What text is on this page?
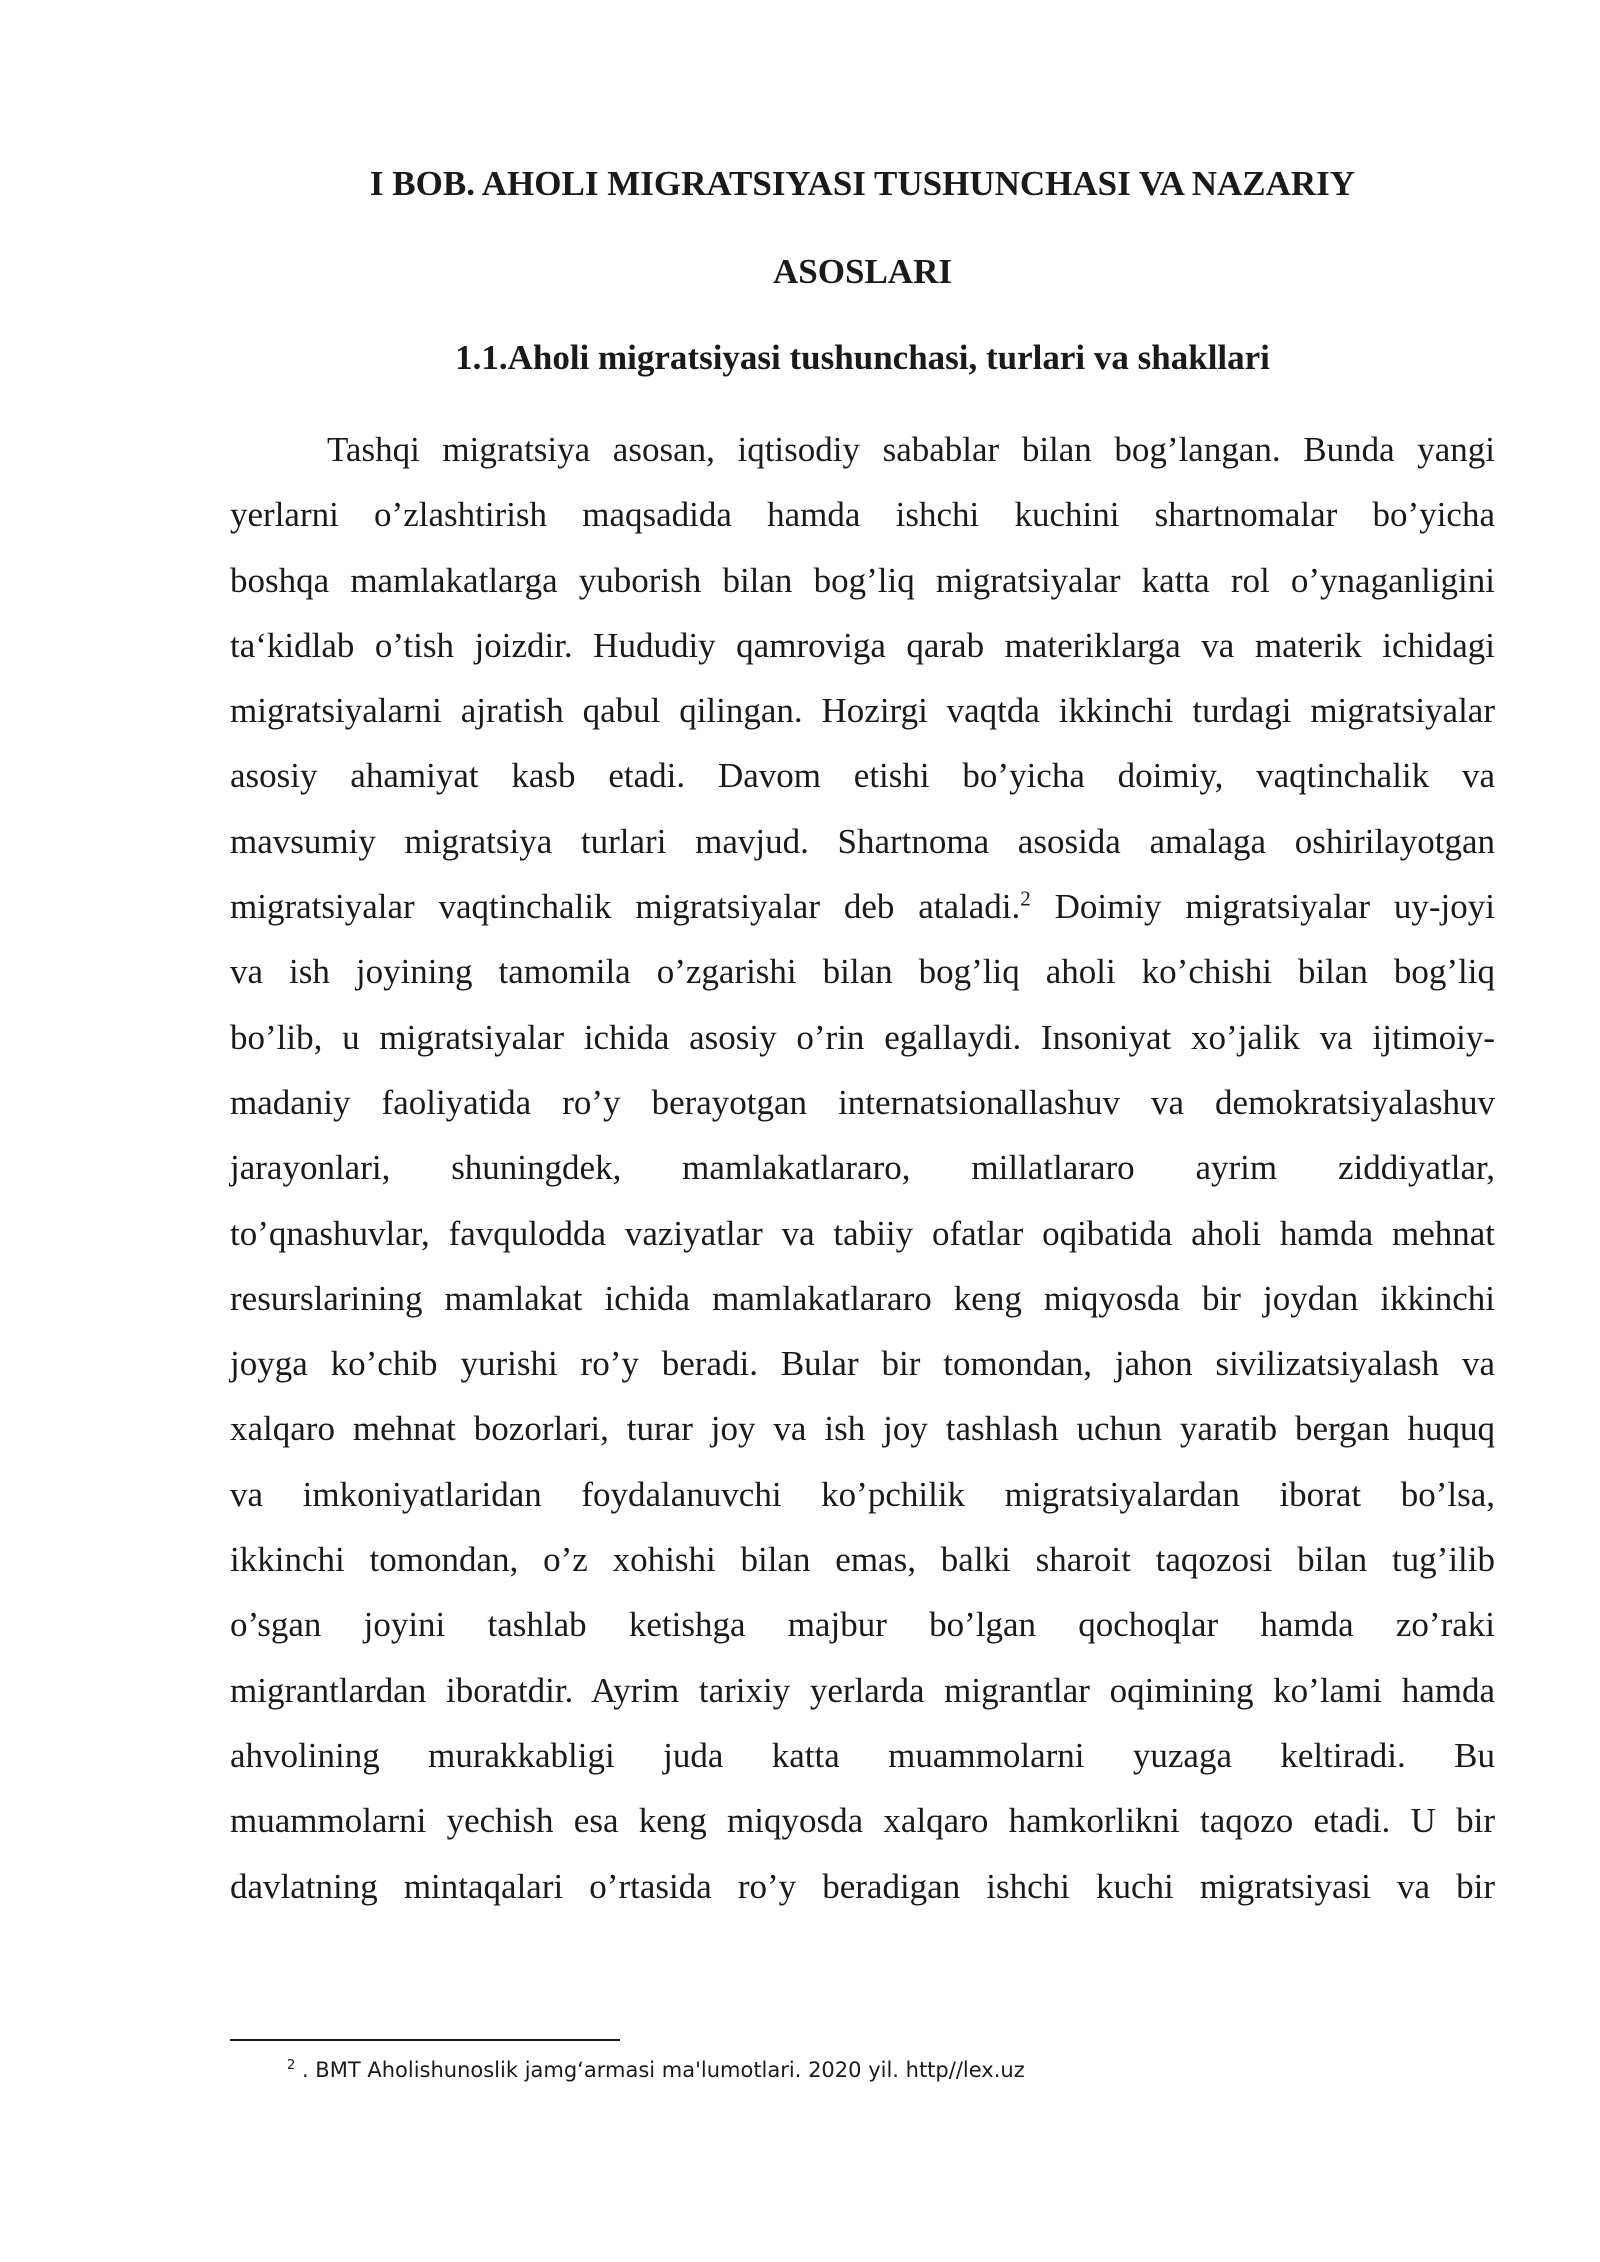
I BOB. AHOLI MIGRATSIYASI TUSHUNCHASI VA NAZARIY
ASOSLARI
1.1.Aholi migratsiyasi tushunchasi, turlari va shakllari
Tashqi migratsiya asosan, iqtisodiy sabablar bilan bog’langan. Bunda yangi
yerlarni o’zlashtirish maqsadida hamda ishchi kuchini shartnomalar bo’yicha
boshqa mamlakatlarga yuborish bilan bog’liq migratsiyalar katta rol o’ynaganligini
ta‘kidlab o’tish joizdir. Hududiy qamroviga qarab materiklarga va materik ichidagi
migratsiyalarni ajratish qabul qilingan. Hozirgi vaqtda ikkinchi turdagi migratsiyalar
asosiy ahamiyat kasb etadi. Davom etishi bo’yicha doimiy, vaqtinchalik va
mavsumiy migratsiya turlari mavjud. Shartnoma asosida amalaga oshirilayotgan
migratsiyalar vaqtinchalik migratsiyalar deb ataladi.$^2$ Doimiy migratsiyalar uy-joyi
va ish joyining tamomila o’zgarishi bilan bog’liq aholi ko’chishi bilan bog’liq
bo’lib, u migratsiyalar ichida asosiy o’rin egallaydi. Insoniyat xo’jalik va ijtimoiy-
madaniy faoliyatida ro’y berayotgan internatsionallashuv va demokratsiyalashuv
jarayonlari, shuningdek, mamlakatlararo, millatlararo ayrim ziddiyatlar,
to’qnashuvlar, favqulodda vaziyatlar va tabiiy ofatlar oqibatida aholi hamda mehnat
resurslarining mamlakat ichida mamlakatlararo keng miqyosda bir joydan ikkinchi
joyga ko’chib yurishi ro’y beradi. Bular bir tomondan, jahon sivilizatsiyalash va
xalqaro mehnat bozorlari, turar joy va ish joy tashlash uchun yaratib bergan huquq
va imkoniyatlaridan foydalanuvchi ko’pchilik migratsiyalardan iborat bo’lsa,
ikkinchi tomondan, o’z xohishi bilan emas, balki sharoit taqozosi bilan tug’ilib
o’sgan joyini tashlab ketishga majbur bo’lgan qochoqlar hamda zo’raki
migrantlardan iboratdir. Ayrim tarixiy yerlarda migrantlar oqimining ko’lami hamda
ahvolining murakkabligi juda katta muammolarni yuzaga keltiradi. Bu
muammolarni yechish esa keng miqyosda xalqaro hamkorlikni taqozo etadi. U bir
davlatning mintaqalari o’rtasida ro’y beradigan ishchi kuchi migratsiyasi va bir
$^2$ . BMT Aholishunoslik jamg‘armasi ma'lumotlari. 2020 yil. http//lex.uz
